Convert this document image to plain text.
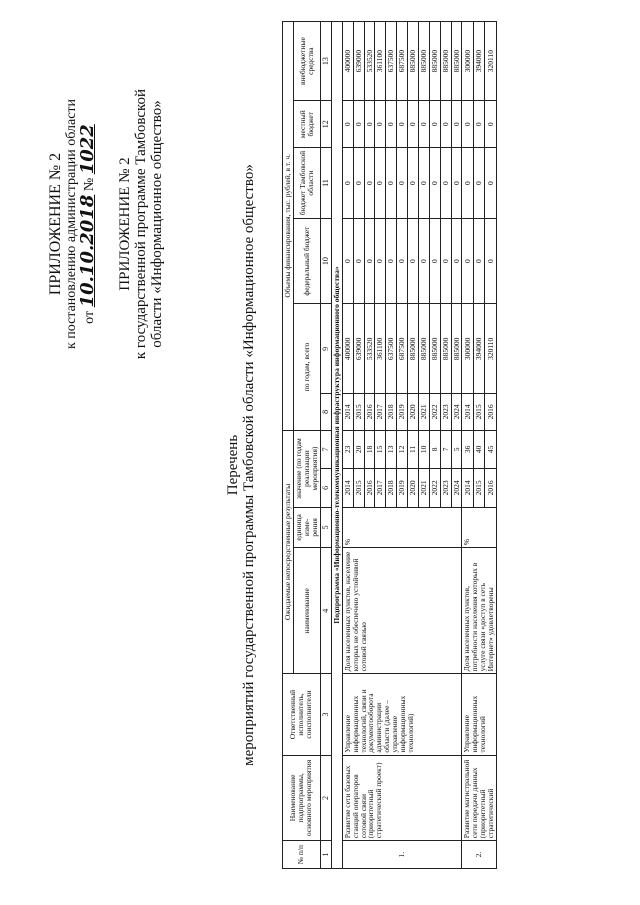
ПРИЛОЖЕНИЕ № 2 к постановлению администрации области от 10.10.2018 № 1022
ПРИЛОЖЕНИЕ № 2 к государственной программе Тамбовской области «Информационное общество»
Перечень мероприятий государственной программы Тамбовской области «Информационное общество»
№ п/п	Наименование подпрограммы, основного мероприятия	Ответственный исполнитель, соисполнители	Ожидаемые непосредственные результаты				Объемы финансирования, тыс. рублей, в т. ч.					
			наименование	единица изме-рения	значение (по годам реализации мероприятия)		по годам, всего		федеральный бюджет	бюджет Тамбовской области	местный бюджет	внебюджетные средства
1	2	3	4	5	6	7	8	9	10	11	12	13
Подпрограмма «Информационно-телекоммуникационная инфраструктура информационного общества»												
1.	Развитие сети базовых станций операторов сотовой связи (приоритетный стратегический проект)	Управление информационных технологий, связи и документооборота администрации области (далее – управление информационных технологий)	Доля населенных пунктов, население которых не обеспечено устойчивой сотовой связью	%	2014	23	2014	400000	0	0	0	400000
					2015	20	2015	639000	0	0	0	639000
					2016	18	2016	533520	0	0	0	533520
					2017	15	2017	361100	0	0	0	361100
					2018	13	2018	637500	0	0	0	637500
					2019	12	2019	687500	0	0	0	687500
					2020	11	2020	885000	0	0	0	885000
					2021	10	2021	885000	0	0	0	885000
					2022	8	2022	885000	0	0	0	885000
					2023	7	2023	885000	0	0	0	885000
					2024	5	2024	885000	0	0	0	885000
2.	Развитие магистральной сети передачи данных (приоритетный стратегический	Управление информационных технологий	Доля населенных пунктов, потребности населения которых в услуге связи «доступ в сеть Интернет» удовлетворены	%	2014	36	2014	300000	0	0	0	300000
					2015	40	2015	394000	0	0	0	394000
					2016	45	2016	320110	0	0	0	320110
